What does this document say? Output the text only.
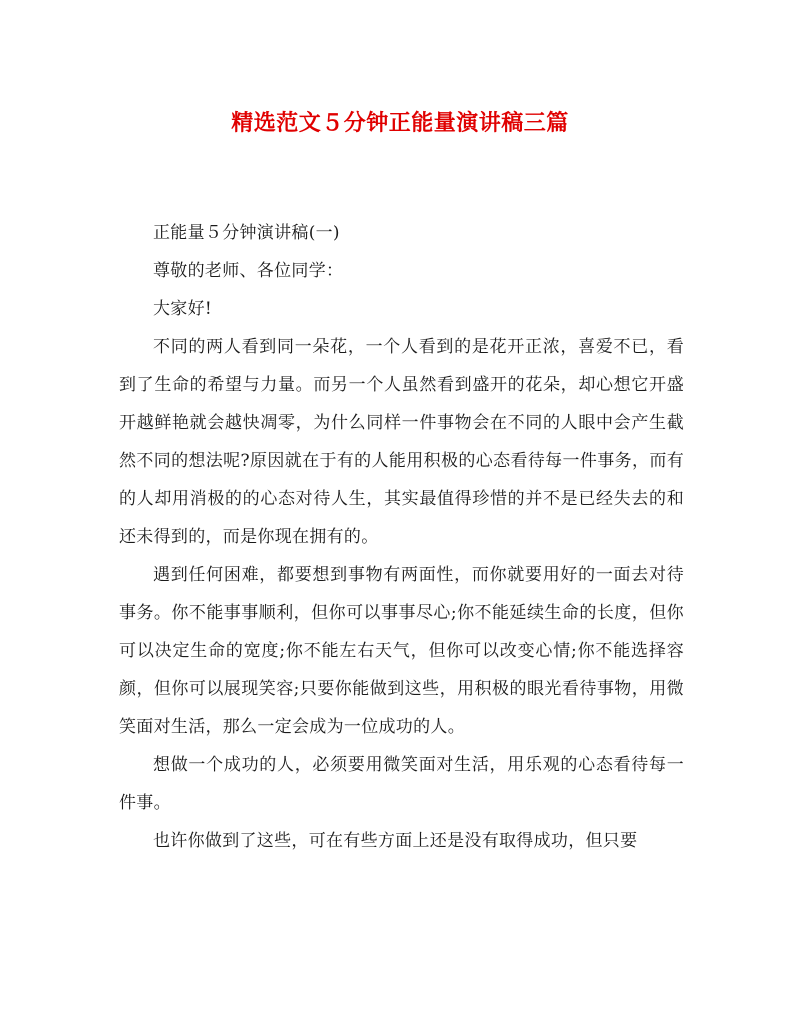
精选范文５分钟正能量演讲稿三篇

正能量５分钟演讲稿(一)

尊敬的老师、各位同学：

大家好!

不同的两人看到同一朵花，一个人看到的是花开正浓，喜爱不已，看到了生命的希望与力量。而另一个人虽然看到盛开的花朵，却心想它开盛开越鲜艳就会越快凋零，为什么同样一件事物会在不同的人眼中会产生截然不同的想法呢?原因就在于有的人能用积极的心态看待每一件事务，而有的人却用消极的的心态对待人生，其实最值得珍惜的并不是已经失去的和还未得到的，而是你现在拥有的。

遇到任何困难，都要想到事物有两面性，而你就要用好的一面去对待事务。你不能事事顺利，但你可以事事尽心;你不能延续生命的长度，但你可以决定生命的宽度;你不能左右天气，但你可以改变心情;你不能选择容颜，但你可以展现笑容;只要你能做到这些，用积极的眼光看待事物，用微笑面对生活，那么一定会成为一位成功的人。

想做一个成功的人，必须要用微笑面对生活，用乐观的心态看待每一件事。

也许你做到了这些，可在有些方面上还是没有取得成功，但只要
